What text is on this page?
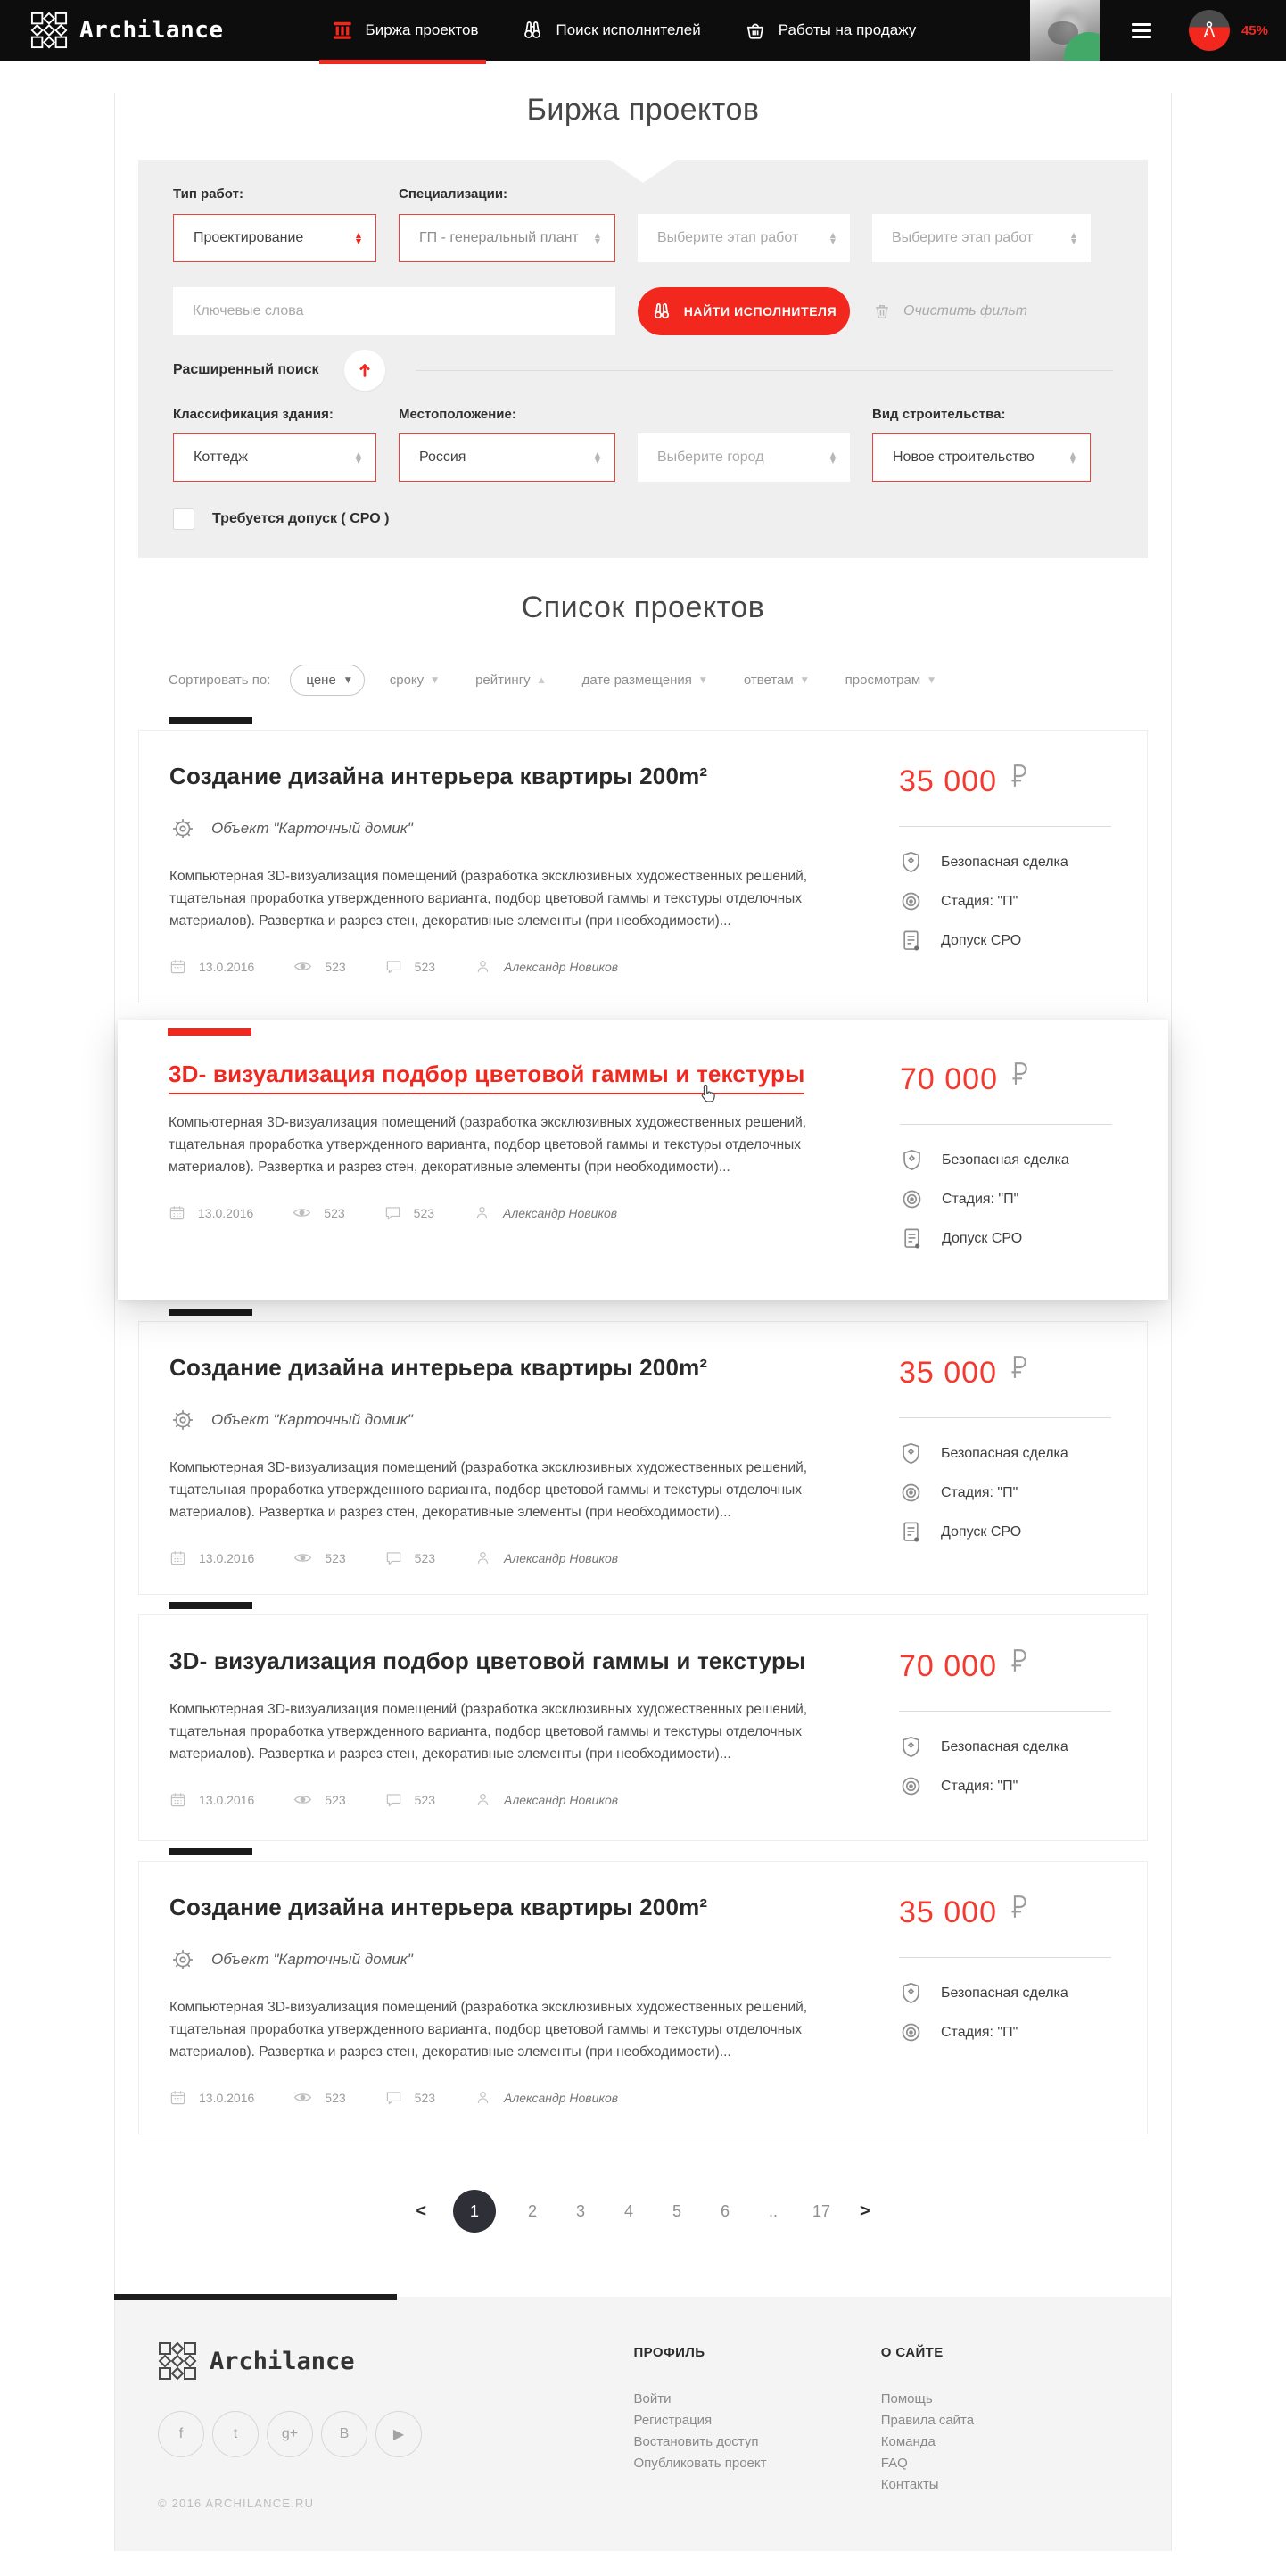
Archilance	Биржа проектов	Поиск исполнителей	Работы на продажу	45%
Биржа проектов
Тип работ:	Специализации:
Проектирование	▲
▼	ГП - генеральный плант ▲
▼	Выберите этап работ	▲
▼	Выберите этап работ	▲
▼
Ключевые слова
НАЙТИ ИСПОЛНИТЕЛЯ	Очистить фильт
Расширенный поиск
Классификация здания:	Местоположение:	Вид строительства:
Коттедж	▲
▼	Россия	▲
▼	Выберите город	▲
▼	Новое строительство	▲
▼
Требуется допуск ( СРО )
Список проектов
Сортировать по:	цене ▼	сроку ▼	рейтингу ▲	дате размещения ▼	ответам ▼	просмотрам ▼
Создание дизайна интерьера квартиры 200m²
Объект "Карточный домик"

Компьютерная 3D-визуализация помещений (разработка эксклюзивных художественных решений, тщательная проработка утвержденного варианта, подбор цветовой гаммы и текстуры отделочных материалов). Развертка и разрез стен, декоративные элементы (при необходимости)...

13.0.2016	523	523	Александр Новиков
35 000
Безопасная сделка
Стадия: "П"
Допуск СРО
3D- визуализация подбор цветовой гаммы и текстуры

Компьютерная 3D-визуализация помещений (разработка эксклюзивных художественных решений, тщательная проработка утвержденного варианта, подбор цветовой гаммы и текстуры отделочных материалов). Развертка и разрез стен, декоративные элементы (при необходимости)...

13.0.2016	523	523	Александр Новиков
70 000
Безопасная сделка
Стадия: "П"
Допуск СРО
Создание дизайна интерьера квартиры 200m²
Объект "Карточный домик"

Компьютерная 3D-визуализация помещений (разработка эксклюзивных художественных решений, тщательная проработка утвержденного варианта, подбор цветовой гаммы и текстуры отделочных материалов). Развертка и разрез стен, декоративные элементы (при необходимости)...

13.0.2016	523	523	Александр Новиков
35 000
Безопасная сделка
Стадия: "П"
Допуск СРО
3D- визуализация подбор цветовой гаммы и текстуры

Компьютерная 3D-визуализация помещений (разработка эксклюзивных художественных решений, тщательная проработка утвержденного варианта, подбор цветовой гаммы и текстуры отделочных материалов). Развертка и разрез стен, декоративные элементы (при необходимости)...

13.0.2016	523	523	Александр Новиков
70 000
Безопасная сделка
Стадия: "П"
Создание дизайна интерьера квартиры 200m²
Объект "Карточный домик"

Компьютерная 3D-визуализация помещений (разработка эксклюзивных художественных решений, тщательная проработка утвержденного варианта, подбор цветовой гаммы и текстуры отделочных материалов). Развертка и разрез стен, декоративные элементы (при необходимости)...

13.0.2016	523	523	Александр Новиков
35 000
Безопасная сделка
Стадия: "П"
<	1	2	3	4	5	6	..	17	>
Archilance
f	t	g+	B	▶
© 2016 ARCHILANCE.RU
ПРОФИЛЬ
Войти
Регистрация
Востановить доступ
Опубликовать проект
О САЙТЕ
Помощь
Правила сайта
Команда
FAQ
Контакты
